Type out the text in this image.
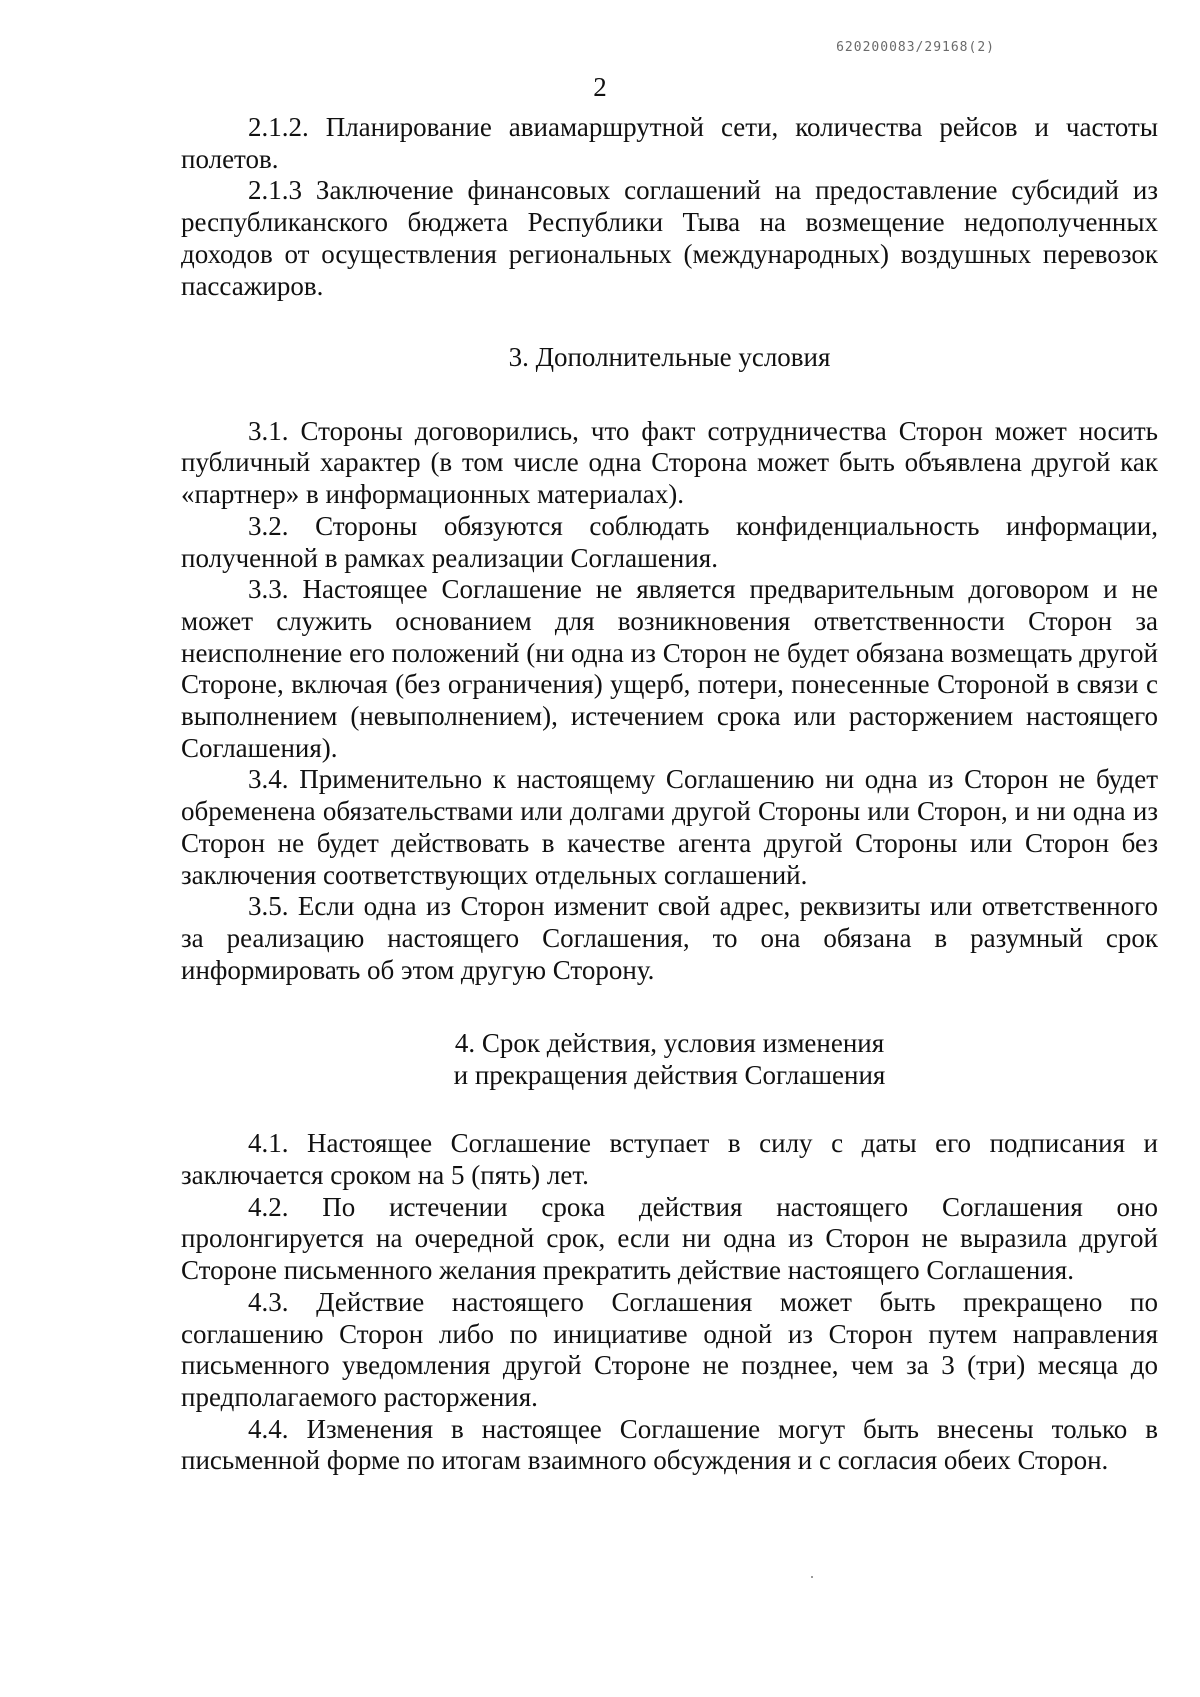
620200083/29168(2)
2

2.1.2. Планирование авиамаршрутной сети, количества рейсов и частоты полетов.

2.1.3 Заключение финансовых соглашений на предоставление субсидий из республиканского бюджета Республики Тыва на возмещение недополученных доходов от осуществления региональных (международных) воздушных перевозок пассажиров.

3. Дополнительные условия

3.1. Стороны договорились, что факт сотрудничества Сторон может носить публичный характер (в том числе одна Сторона может быть объявлена другой как «партнер» в информационных материалах).

3.2. Стороны обязуются соблюдать конфиденциальность информации, полученной в рамках реализации Соглашения.

3.3. Настоящее Соглашение не является предварительным договором и не может служить основанием для возникновения ответственности Сторон за неисполнение его положений (ни одна из Сторон не будет обязана возмещать другой Стороне, включая (без ограничения) ущерб, потери, понесенные Стороной в связи с выполнением (невыполнением), истечением срока или расторжением настоящего Соглашения).

3.4. Применительно к настоящему Соглашению ни одна из Сторон не будет обременена обязательствами или долгами другой Стороны или Сторон, и ни одна из Сторон не будет действовать в качестве агента другой Стороны или Сторон без заключения соответствующих отдельных соглашений.

3.5. Если одна из Сторон изменит свой адрес, реквизиты или ответственного за реализацию настоящего Соглашения, то она обязана в разумный срок информировать об этом другую Сторону.

4. Срок действия, условия изменения
и прекращения действия Соглашения

4.1. Настоящее Соглашение вступает в силу с даты его подписания и заключается сроком на 5 (пять) лет.

4.2. По истечении срока действия настоящего Соглашения оно пролонгируется на очередной срок, если ни одна из Сторон не выразила другой Стороне письменного желания прекратить действие настоящего Соглашения.

4.3. Действие настоящего Соглашения может быть прекращено по соглашению Сторон либо по инициативе одной из Сторон путем направления письменного уведомления другой Стороне не позднее, чем за 3 (три) месяца до предполагаемого расторжения.

4.4. Изменения в настоящее Соглашение могут быть внесены только в письменной форме по итогам взаимного обсуждения и с согласия обеих Сторон.
